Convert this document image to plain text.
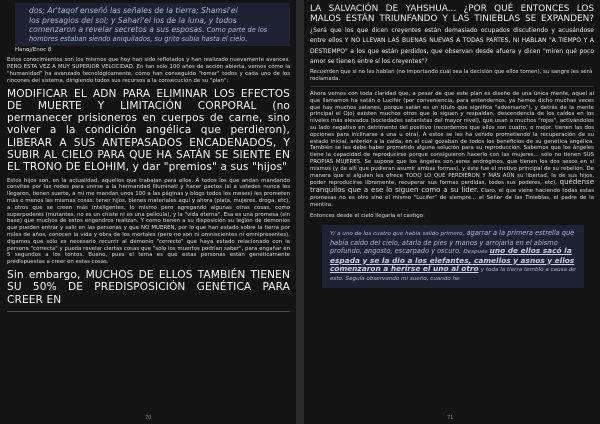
dos; Ar'taqof enseñó las señales de la tierra; Shamsi'el
los presagios del sol; y Sahari'el los de la luna, y todos
comenzaron a revelar secretos a sus esposas. Como parte de los hombres estaban siendo aniquilados, su grito subía hasta el cielo.
Hanoj/Enoc 8

Estos conocimientos son los mismos que hoy han sido reflotados y han realizado nuevamente avances, PERO ESTA VEZ A MUY SUPERIOR VELOCIDAD. En tan sólo 100 años de acción abierta, vemos cómo la "humanidad" ha avanzado tecnológicamente, cómo han conseguido "tomar" todos y cada uno de los rincones del sistema, dirigiendo todos sus recursos a la consecución de su "plan":

MODIFICAR EL ADN PARA ELIMINAR LOS EFECTOS DE MUERTE Y LIMITACIÓN CORPORAL (no permanecer prisioneros en cuerpos de carne, sino volver a la condición angélica que perdieron), LIBERAR A SUS ANTEPASADOS ENCADENADOS, Y SUBIR AL CIELO PARA QUE HA SATÁN SE SIENTE EN EL TRONO DE ELOHIM, y dar "premios" a sus "hijos"

Estos hijos son, en la actualidad, aquellos que trabajan para ellos. A todos los que andan mandando convites por las redes para unirse a la hermandad Illuminati y hacer pactos (si a ustedes nunca les llegaron, tienen suerte, a mi me mandan unos 100 a las páginas y blogs todos los meses) les prometen más o menos las mismas cosas: tener hijos, bienes materiales aquí y ahora (plata, mujeres, droga, etc), a otros que se creen más inteligentes, lo mismo pero agregando algunas otras cosas, como superpoderes (mutantes, no es un chiste ni es una película), y la "vida eterna". Esa es una promesa (sin base) que muchos de estos engendros realizan. Y como tienen a su disposición su legión de demonios que pueden entrar y salir en las personas y que NO MUEREN, por lo que han estado sobre la tierra por miles de años, conocen la vida y obra de los mortales (pero no son ni omniscientes ni omnipresentes), digamos que sólo es necesario recurrir al demonio "correcto" que haya estado relacionado con la persona "correcta" y pueda revelar ciertas cosas que "sólo los muertos podrían saber", para engañar en 5 segundos a los tontos. Bueno, pues el tema es que estas personas están genéticamente predispuestas a creer en estas cosas.

Sin embargo, MUCHOS DE ELLOS TAMBIÉN TIENEN SU 50% DE PREDISPOSICIÓN GENÉTICA PARA CREER EN

70

LA SALVACIÓN DE YAHSHUA... ¿POR QUÉ ENTONCES LOS MALOS ESTÁN TRIUNFANDO Y LAS TINIEBLAS SE EXPANDEN? ¿Será que los que dicen creyentes están demasiado ocupados discutiendo y acusándose entre ellos Y NO LLEVAN LAS BUENAS NUEVAS A TODAS PARTES, NI HABLAN "A TIEMPO Y A DESTIEMPO" a los que están perdidos, que observan desde afuera y dicen "miren qué poco amor se tienen entre sí los creyentes"?

Recuerden que si no les hablan (no importando cuál sea la decisión que ellos tomen), su sangre les será reclamada.

Ahora vemos con toda claridad que, a pesar de que este plan es diseño de una única mente, aquel al que llamamos ha satán o Lucifer (por conveniencia, para entendernos, ya hemos dicho muchas veces que hay muchos satanes, porque satán es un título que significa "adversario"), y detrás de la mente principal el Ojo) existen muchos otros que lo siguen y respaldan, descendencia de los caídos en los niveles más elevados (sociedades satanistas del mayor nivel), que usan a muchos "rojos", activándolos su lado negativo en detrimento del positivo (recordemos que ellos son cuatro, o mejor, tienen las dos opciones para inclinarse a una u otra). A estos se les ha venido prometiendo la recuperación de su estado inicial, anterior a la caída, en el cual gozaban de todos los beneficios de su genética angélica. También se les debe haber prometido alguna solución para su reproducción. Sabemos que los ángeles tiene la capacidad de reproducirse porque consiguieron hacerlo con las mujeres... sólo no tienen SUS PROPIAS MUJERES. Se supone que los ángeles son seres andróginos, que tienen los dos sexos en sí mismos (y de allí que pudieran asumir ambas formas), y éste fue el motivo principal de su rebelión. De manera que si alguien les ofrece TODO LO QUE PERDIERON Y MÁS AÚN su libertad, la de sus hijos, poder reproducirse libremente, recuperar sus formas perdidas, todos sus poderes, etc), quédense tranquilos que a ese lo siguen como a su líder. Claro, el que viene haciendo todas estas promesas no es otro sino el mismo "Lucifer" de siempre... el Señor de las Tinieblas, el padre de la mentira.

Entonces desde el cielo llegaría el castigo:

Y/ a uno de los cuatro que había salido primero, agarrar a la primera estrella que había caído del cielo, atarla de pies y manos y arrojarla en el abismo profundo, angosto, escarpado y oscuro. Después uno de ellos sacó la espada y se la dio a los elefantes, camellos y asnos y ellos comenzaron a herirse el uno al otro y toda la tierra tembló a causa de esto. Seguía observando mi sueño, cuando he
71
